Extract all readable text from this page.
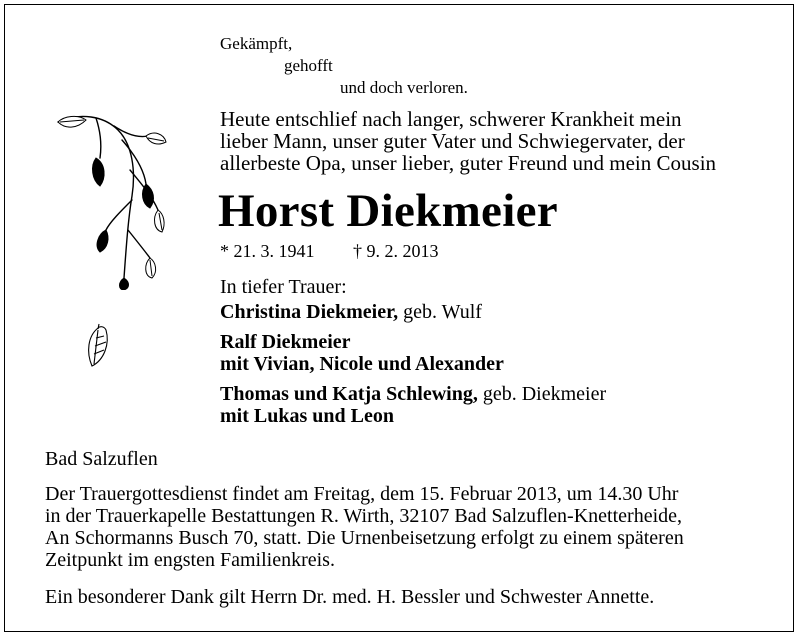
Gekämpft,
gehofft
und doch verloren.
Heute entschlief nach langer, schwerer Krankheit mein
lieber Mann, unser guter Vater und Schwiegervater, der
allerbeste Opa, unser lieber, guter Freund und mein Cousin
Horst Diekmeier
* 21. 3. 1941 † 9. 2. 2013
In tiefer Trauer:
Christina Diekmeier, geb. Wulf
Ralf Diekmeier
mit Vivian, Nicole und Alexander
Thomas und Katja Schlewing, geb. Diekmeier
mit Lukas und Leon
Bad Salzuflen
Der Trauergottesdienst findet am Freitag, dem 15. Februar 2013, um 14.30 Uhr
in der Trauerkapelle Bestattungen R. Wirth, 32107 Bad Salzuflen-Knetterheide,
An Schormanns Busch 70, statt. Die Urnenbeisetzung erfolgt zu einem späteren
Zeitpunkt im engsten Familienkreis.
Ein besonderer Dank gilt Herrn Dr. med. H. Bessler und Schwester Annette.
